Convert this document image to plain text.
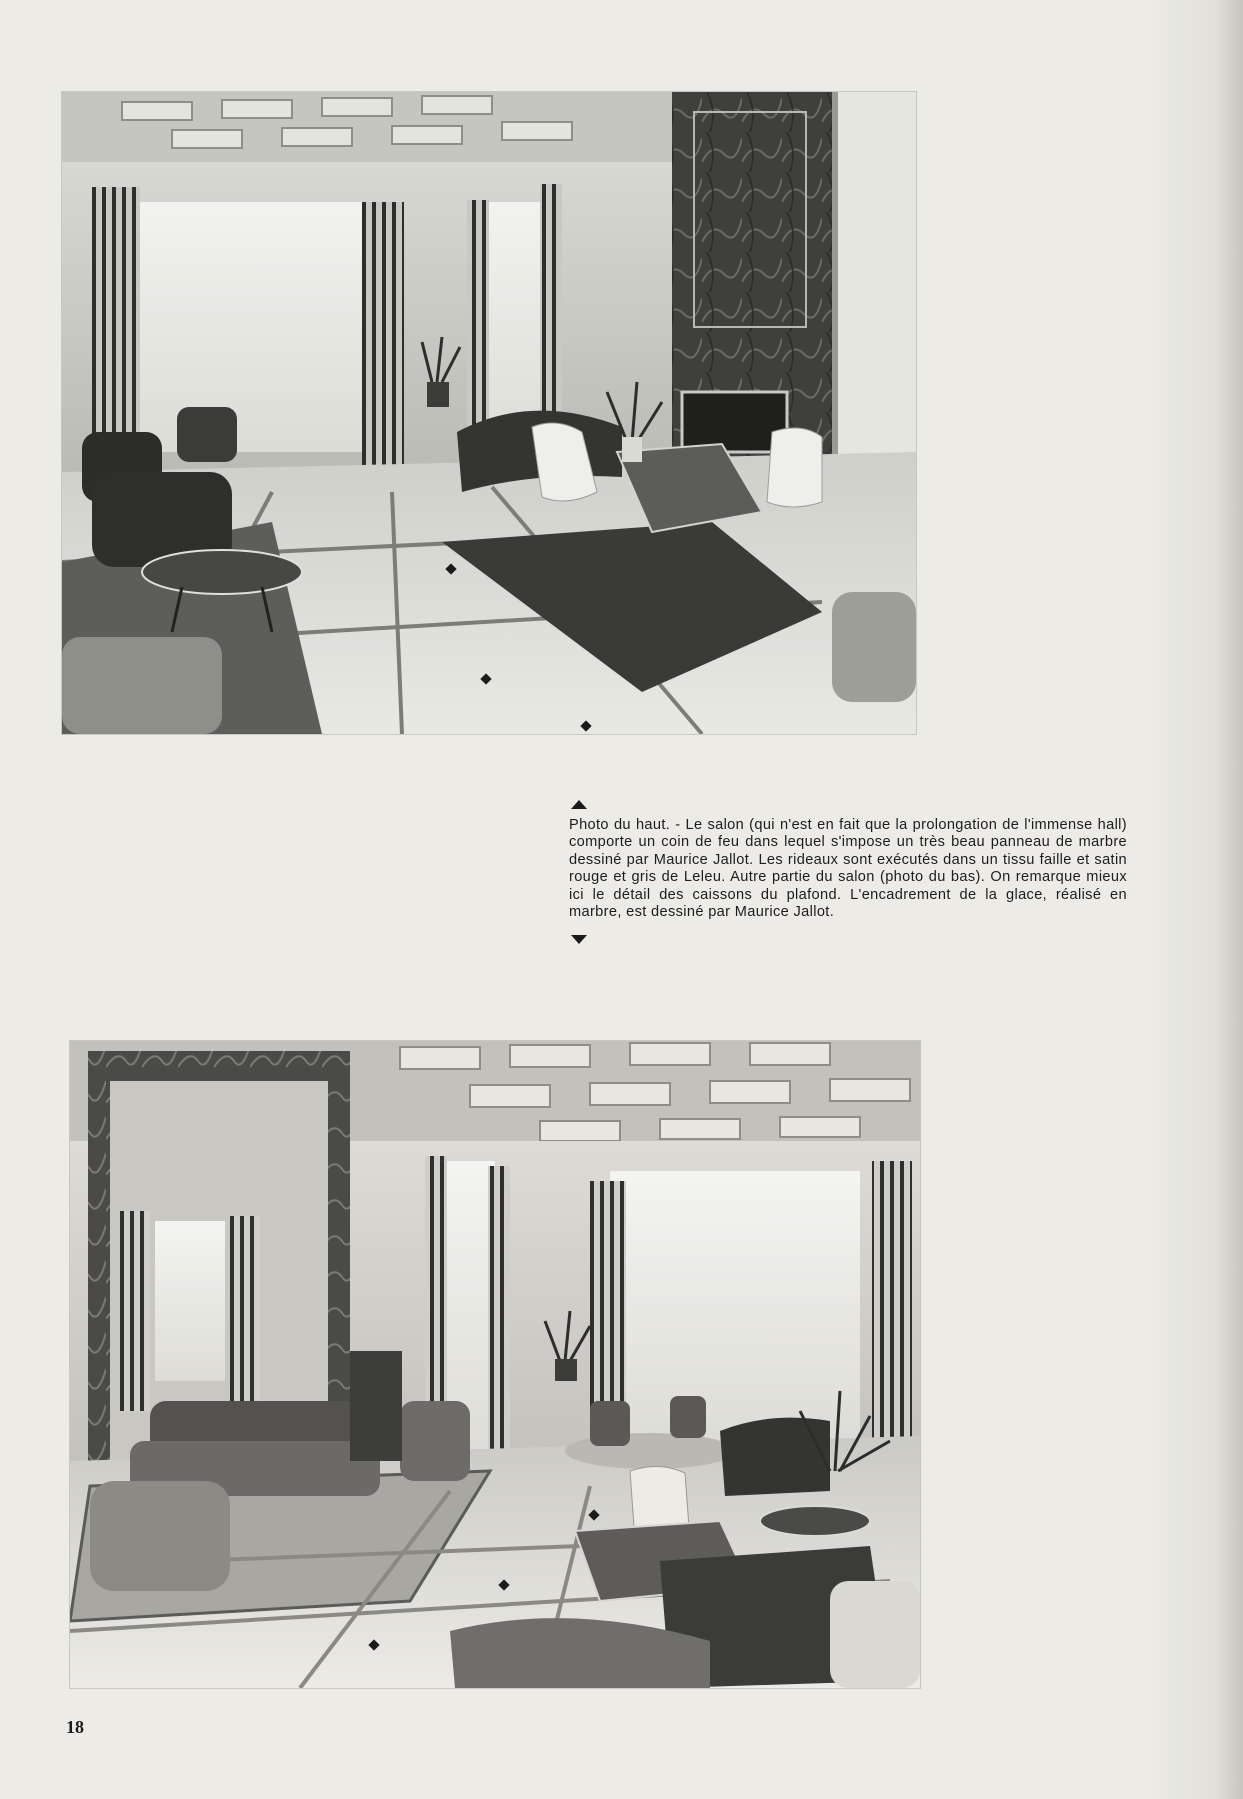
Photo du haut. - Le salon (qui n'est en fait que la prolongation de l'immense hall) comporte un coin de feu dans lequel s'impose un très beau panneau de marbre dessiné par Maurice Jallot. Les rideaux sont exécutés dans un tissu faille et satin rouge et gris de Leleu. Autre partie du salon (photo du bas). On remarque mieux ici le détail des caissons du plafond. L'encadrement de la glace, réalisé en marbre, est dessiné par Maurice Jallot.

18
